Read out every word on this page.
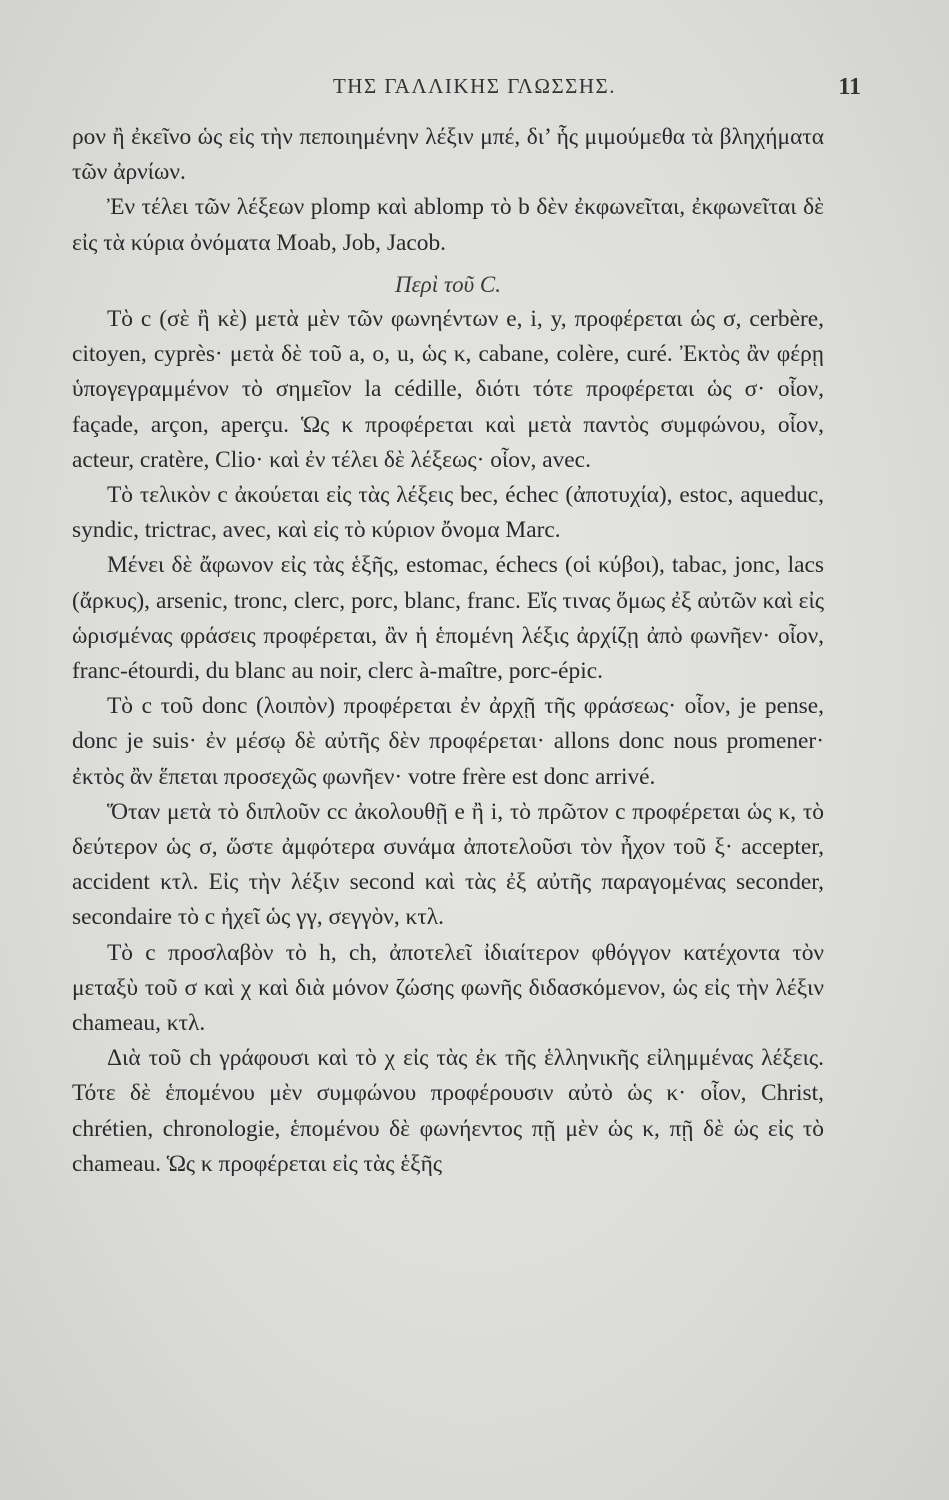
ΤΗΣ ΓΑΛΛΙΚΗΣ ΓΛΩΣΣΗΣ.	11

ρον ἢ ἐκεῖνο ὡς εἰς τὴν πεποιημένην λέξιν μπέ, δι’ ἧς μιμούμεθα τὰ βληχήματα τῶν ἀρνίων.

Ἐν τέλει τῶν λέξεων plomp καὶ ablomp τὸ b δὲν ἐκφωνεῖται, ἐκφωνεῖται δὲ εἰς τὰ κύρια ὀνόματα Moab, Job, Jacob.

Περὶ τοῦ C.

Τὸ c (σὲ ἢ κὲ) μετὰ μὲν τῶν φωνηέντων e, i, y, προφέρεται ὡς σ, cerbère, citoyen, cyprès· μετὰ δὲ τοῦ a, o, u, ὡς κ, cabane, colère, curé. Ἐκτὸς ἂν φέρῃ ὑπογεγραμμένον τὸ σημεῖον la cédille, διότι τότε προφέρεται ὡς σ· οἷον, façade, arçon, aperçu. Ὡς κ προφέρεται καὶ μετὰ παντὸς συμφώνου, οἷον, acteur, cratère, Clio· καὶ ἐν τέλει δὲ λέξεως· οἷον, avec.

Τὸ τελικὸν c ἀκούεται εἰς τὰς λέξεις bec, échec (ἀποτυχία), estoc, aqueduc, syndic, trictrac, avec, καὶ εἰς τὸ κύριον ὄνομα Marc.

Μένει δὲ ἄφωνον εἰς τὰς ἑξῆς, estomac, échecs (οἱ κύβοι), tabac, jonc, lacs (ἄρκυς), arsenic, tronc, clerc, porc, blanc, franc. Εἴς τινας ὅμως ἐξ αὐτῶν καὶ εἰς ὡρισμένας φράσεις προφέρεται, ἂν ἡ ἑπομένη λέξις ἀρχίζῃ ἀπὸ φωνῆεν· οἷον, franc-étourdi, du blanc au noir, clerc à-maître, porc-épic.

Τὸ c τοῦ donc (λοιπὸν) προφέρεται ἐν ἀρχῇ τῆς φράσεως· οἷον, je pense, donc je suis· ἐν μέσῳ δὲ αὐτῆς δὲν προφέρεται· allons donc nous promener· ἐκτὸς ἂν ἕπεται προσεχῶς φωνῆεν· votre frère est donc arrivé.

Ὅταν μετὰ τὸ διπλοῦν cc ἀκολουθῇ e ἢ i, τὸ πρῶτον c προφέρεται ὡς κ, τὸ δεύτερον ὡς σ, ὥστε ἀμφότερα συνάμα ἀποτελοῦσι τὸν ἦχον τοῦ ξ· accepter, accident κτλ. Εἰς τὴν λέξιν second καὶ τὰς ἐξ αὐτῆς παραγομένας seconder, secondaire τὸ c ἠχεῖ ὡς γγ, σεγγὸν, κτλ.

Τὸ c προσλαβὸν τὸ h, ch, ἀποτελεῖ ἰδιαίτερον φθόγγον κατέχοντα τὸν μεταξὺ τοῦ σ καὶ χ καὶ διὰ μόνον ζώσης φωνῆς διδασκόμενον, ὡς εἰς τὴν λέξιν chameau, κτλ.

Διὰ τοῦ ch γράφουσι καὶ τὸ χ εἰς τὰς ἐκ τῆς ἑλληνικῆς εἰλημμένας λέξεις. Τότε δὲ ἑπομένου μὲν συμφώνου προφέρουσιν αὐτὸ ὡς κ· οἷον, Christ, chrétien, chronologie, ἑπομένου δὲ φωνήεντος πῇ μὲν ὡς κ, πῇ δὲ ὡς εἰς τὸ chameau. Ὡς κ προφέρεται εἰς τὰς ἑξῆς
